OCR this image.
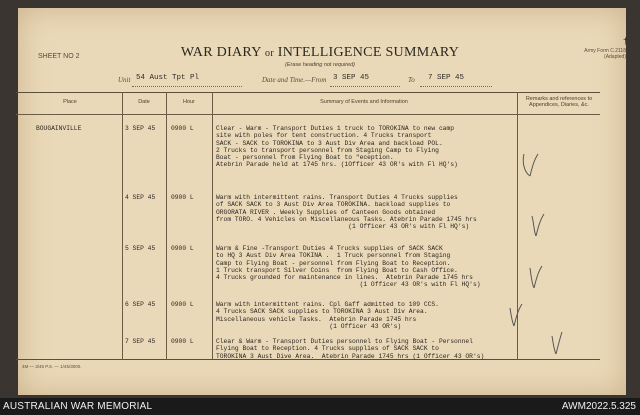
SHEET NO 2	WAR DIARY or INTELLIGENCE SUMMARY
(Erase heading not required)
†
Army Form C.2118
(Adapted)
Unit 54 Aust Tpt Pl	Date and Time.—From 3 SEP 45	To 7 SEP 45
Place	Date	Hour	Summary of Events and Information	Remarks and references to Appendices, Diaries, &c.
BOUGAINVILLE	3 SEP 45	0900 L	Clear - Warm - Transport Duties 1 truck to TOROKINA to new camp
site with poles for tent construction. 4 Trucks transport
SACK - SACK to TOROKINA to 3 Aust Div Area and backload POL.
2 Trucks to transport personnel from Staging Camp to Flying
Boat - personnel from Flying Boat to "eception.
Atebrin Parade held at 1745 hrs. (1Officer 43 OR's with Fl HQ's)
4 SEP 45	0900 L	Warm with intermittent rains. Transport Duties 4 Trucks supplies
of SACK SACK to 3 Aust Div Area TOROKINA. backload supplies to
ORGORATA RIVER . Weekly Supplies of Canteen Goods obtained
from TORO. 4 Vehicles on Miscellaneous Tasks. Atebrin Parade 1745 hrs
(1 Officer 43 OR's with Fl HQ's)
5 SEP 45	0900 L	Warm & Fine -Transport Duties 4 Trucks supplies of SACK SACK
to HQ 3 Aust Div Area TOKINA .  1 Truck personnel from Staging
Camp to Flying Boat - personnel from Flying Boat to Reception.
1 Truck transport Silver Coins  from Flying Boat to Cash Office.
4 Trucks grounded for maintenance in lines.  Atebrin Parade 1745 hrs
(1 Officer 43 OR's with Fl HQ's)
6 SEP 45	0900 L	Warm with intermittent rains. Cpl Gaff admitted to 109 CCS.
4 Trucks SACK SACK supplies to TOROKINA 3 Aust Div Area.
Miscellaneous vehicle Tasks.  Atebrin Parade 1745 hrs
(1 Officer 43 OR's)
7 SEP 45	0900 L	Clear & Warm - Transport Duties personnel to Flying Boat - Personnel
Flying Boat to Reception. 4 Trucks supplies of SACK SACK to
TOROKINA 3 Aust Dive Area.  Atebrin Parade 1745 hrs (1 Officer 43 OR's)
4M — 3/45 P.S. — 1/45/3000.
AUSTRALIAN WAR MEMORIAL	AWM2022.5.325
